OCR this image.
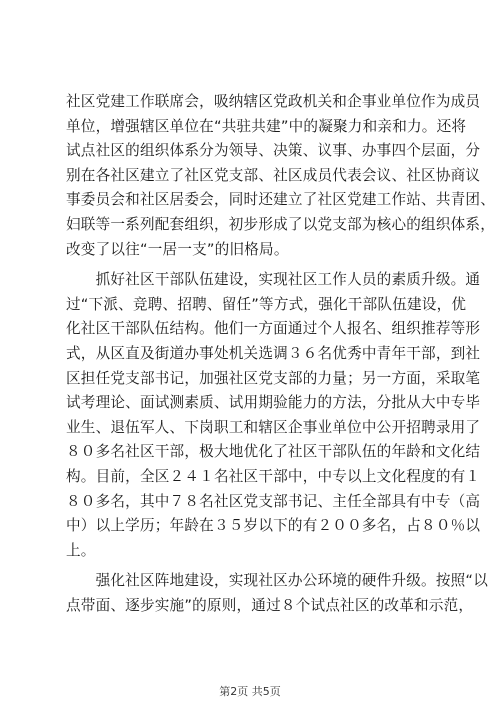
社区党建工作联席会，吸纳辖区党政机关和企事业单位作为成员
单位，增强辖区单位在“共驻共建”中的凝聚力和亲和力。还将
试点社区的组织体系分为领导、决策、议事、办事四个层面，分
别在各社区建立了社区党支部、社区成员代表会议、社区协商议
事委员会和社区居委会，同时还建立了社区党建工作站、共青团、
妇联等一系列配套组织，初步形成了以党支部为核心的组织体系，
改变了以往“一居一支”的旧格局。

　　抓好社区干部队伍建设，实现社区工作人员的素质升级。通
过“下派、竞聘、招聘、留任”等方式，强化干部队伍建设，优
化社区干部队伍结构。他们一方面通过个人报名、组织推荐等形
式，从区直及街道办事处机关选调３６名优秀中青年干部，到社
区担任党支部书记，加强社区党支部的力量；另一方面，采取笔
试考理论、面试测素质、试用期验能力的方法，分批从大中专毕
业生、退伍军人、下岗职工和辖区企事业单位中公开招聘录用了
８０多名社区干部，极大地优化了社区干部队伍的年龄和文化结
构。目前，全区２４１名社区干部中，中专以上文化程度的有１
８０多名，其中７８名社区党支部书记、主任全部具有中专（高
中）以上学历；年龄在３５岁以下的有２００多名，占８０％以
上。

　　强化社区阵地建设，实现社区办公环境的硬件升级。按照“以
点带面、逐步实施”的原则，通过８个试点社区的改革和示范，

第2页 共5页
